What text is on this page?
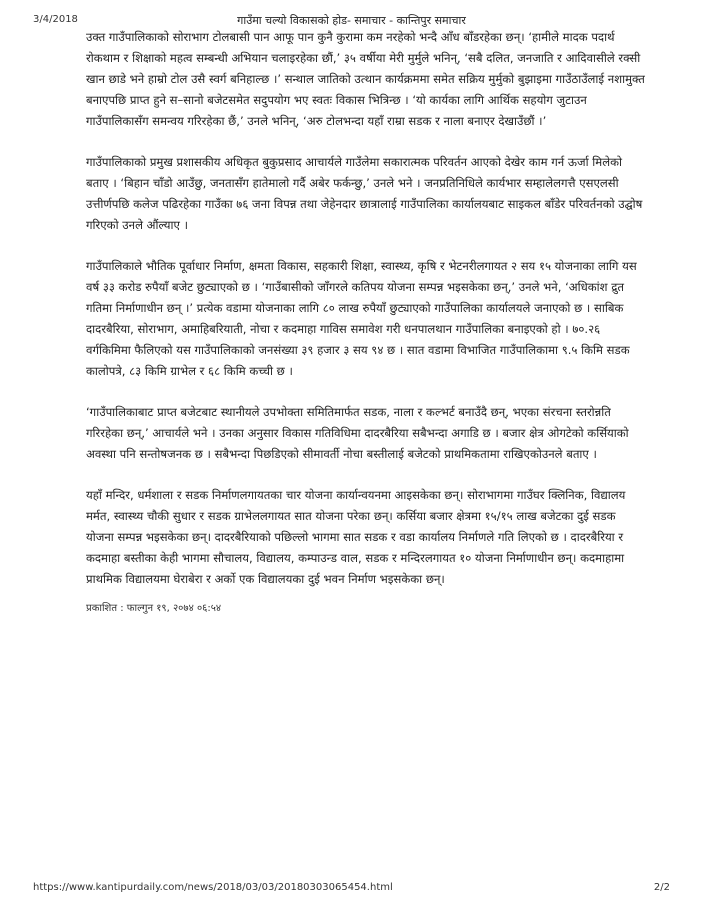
3/4/2018	गाउँमा चल्यो विकासको होड- समाचार - कान्तिपुर समाचार

उक्त गाउँपालिकाको सोराभाग टोलबासी पान आफू पान कुनै कुरामा कम नरहेको भन्दै आँध बाँडरहेका छन्। ‘हामीले मादक पदार्थ रोकथाम र शिक्षाको महत्व सम्बन्धी अभियान चलाइरहेका छौं,’ ३५ वर्षीया मेरी मुर्मुले भनिन्, ‘सबै दलित, जनजाति र आदिवासीले रक्सी खान छाडे भने हाम्रो टोल उसै स्वर्ग बनिहाल्छ ।’ सन्थाल जातिको उत्थान कार्यक्रममा समेत सक्रिय मुर्मुको बुझाइमा गाउँठाउँलाई नशामुक्त बनाएपछि प्राप्त हुने स–सानो बजेटसमेत सदुपयोग भए स्वतः विकास भित्रिन्छ । ‘यो कार्यका लागि आर्थिक सहयोग जुटाउन गाउँपालिकासँग समन्वय गरिरहेका छैं,’ उनले भनिन्, ‘अरु टोलभन्दा यहाँ राम्रा सडक र नाला बनाएर देखाउँछौं ।’

गाउँपालिकाको प्रमुख प्रशासकीय अधिकृत बुकुप्रसाद आचार्यले गाउँलेमा सकारात्मक परिवर्तन आएको देखेर काम गर्न ऊर्जा मिलेको बताए । ‘बिहान चाँडो आउँछु, जनतासँग हातेमालो गर्दै अबेर फर्कन्छु,’ उनले भने । जनप्रतिनिधिले कार्यभार सम्हालेलगत्तै एसएलसी उत्तीर्णपछि कलेज पढिरहेका गाउँका ७६ जना विपन्न तथा जेहेनदार छात्रालाई गाउँपालिका कार्यालयबाट साइकल बाँडेर परिवर्तनको उद्घोष गरिएको उनले औंल्याए ।

गाउँपालिकाले भौतिक पूर्वाधार निर्माण, क्षमता विकास, सहकारी शिक्षा, स्वास्थ्य, कृषि र भेटनरीलगायत २ सय १५ योजनाका लागि यस वर्ष ३३ करोड रुपैयाँ बजेट छुट्याएको छ । ‘गाउँबासीको जाँगरले कतिपय योजना सम्पन्न भइसकेका छन्,’ उनले भने, ‘अधिकांश द्रुत गतिमा निर्माणाधीन छन् ।’ प्रत्येक वडामा योजनाका लागि ८० लाख रुपैयाँ छुट्याएको गाउँपालिका कार्यालयले जनाएको छ । साबिक दादरबैरिया, सोराभाग, अमाहिबरियाती, नोचा र कदमाहा गाविस समावेश गरी धनपालथान गाउँपालिका बनाइएको हो । ७०.२६ वर्गकिमिमा फैलिएको यस गाउँपालिकाको जनसंख्या ३९ हजार ३ सय ९४ छ । सात वडामा विभाजित गाउँपालिकामा ९.५ किमि सडक कालोपत्रे, ८३ किमि ग्राभेल र ६८ किमि कच्ची छ ।

‘गाउँपालिकाबाट प्राप्त बजेटबाट स्थानीयले उपभोक्ता समितिमार्फत सडक, नाला र कल्भर्ट बनाउँदै छन्, भएका संरचना स्तरोन्नति गरिरहेका छन्,’ आचार्यले भने । उनका अनुसार विकास गतिविधिमा दादरबैरिया सबैभन्दा अगाडि छ । बजार क्षेत्र ओगटेको कर्सियाको अवस्था पनि सन्तोषजनक छ । सबैभन्दा पिछडिएको सीमावर्ती नोचा बस्तीलाई बजेटको प्राथमिकतामा राखिएकोउनले बताए ।

यहाँ मन्दिर, धर्मशाला र सडक निर्माणलगायतका चार योजना कार्यान्वयनमा आइसकेका छन्। सोराभागमा गाउँघर क्लिनिक, विद्यालय मर्मत, स्वास्थ्य चौकी सुधार र सडक ग्राभेललगायत सात योजना परेका छन्। कर्सिया बजार क्षेत्रमा १५/१५ लाख बजेटका दुई सडक योजना सम्पन्न भइसकेका छन्। दादरबैरियाको पछिल्लो भागमा सात सडक र वडा कार्यालय निर्माणले गति लिएको छ । दादरबैरिया र कदमाहा बस्तीका केही भागमा सौचालय, विद्यालय, कम्पाउन्ड वाल, सडक र मन्दिरलगायत १० योजना निर्माणाधीन छन्। कदमाहामा प्राथमिक विद्यालयमा घेराबेरा र अर्को एक विद्यालयका दुई भवन निर्माण भइसकेका छन्।

प्रकाशित : फाल्गुन १९, २०७४ ०६:५४
https://www.kantipurdaily.com/news/2018/03/03/20180303065454.html	2/2
